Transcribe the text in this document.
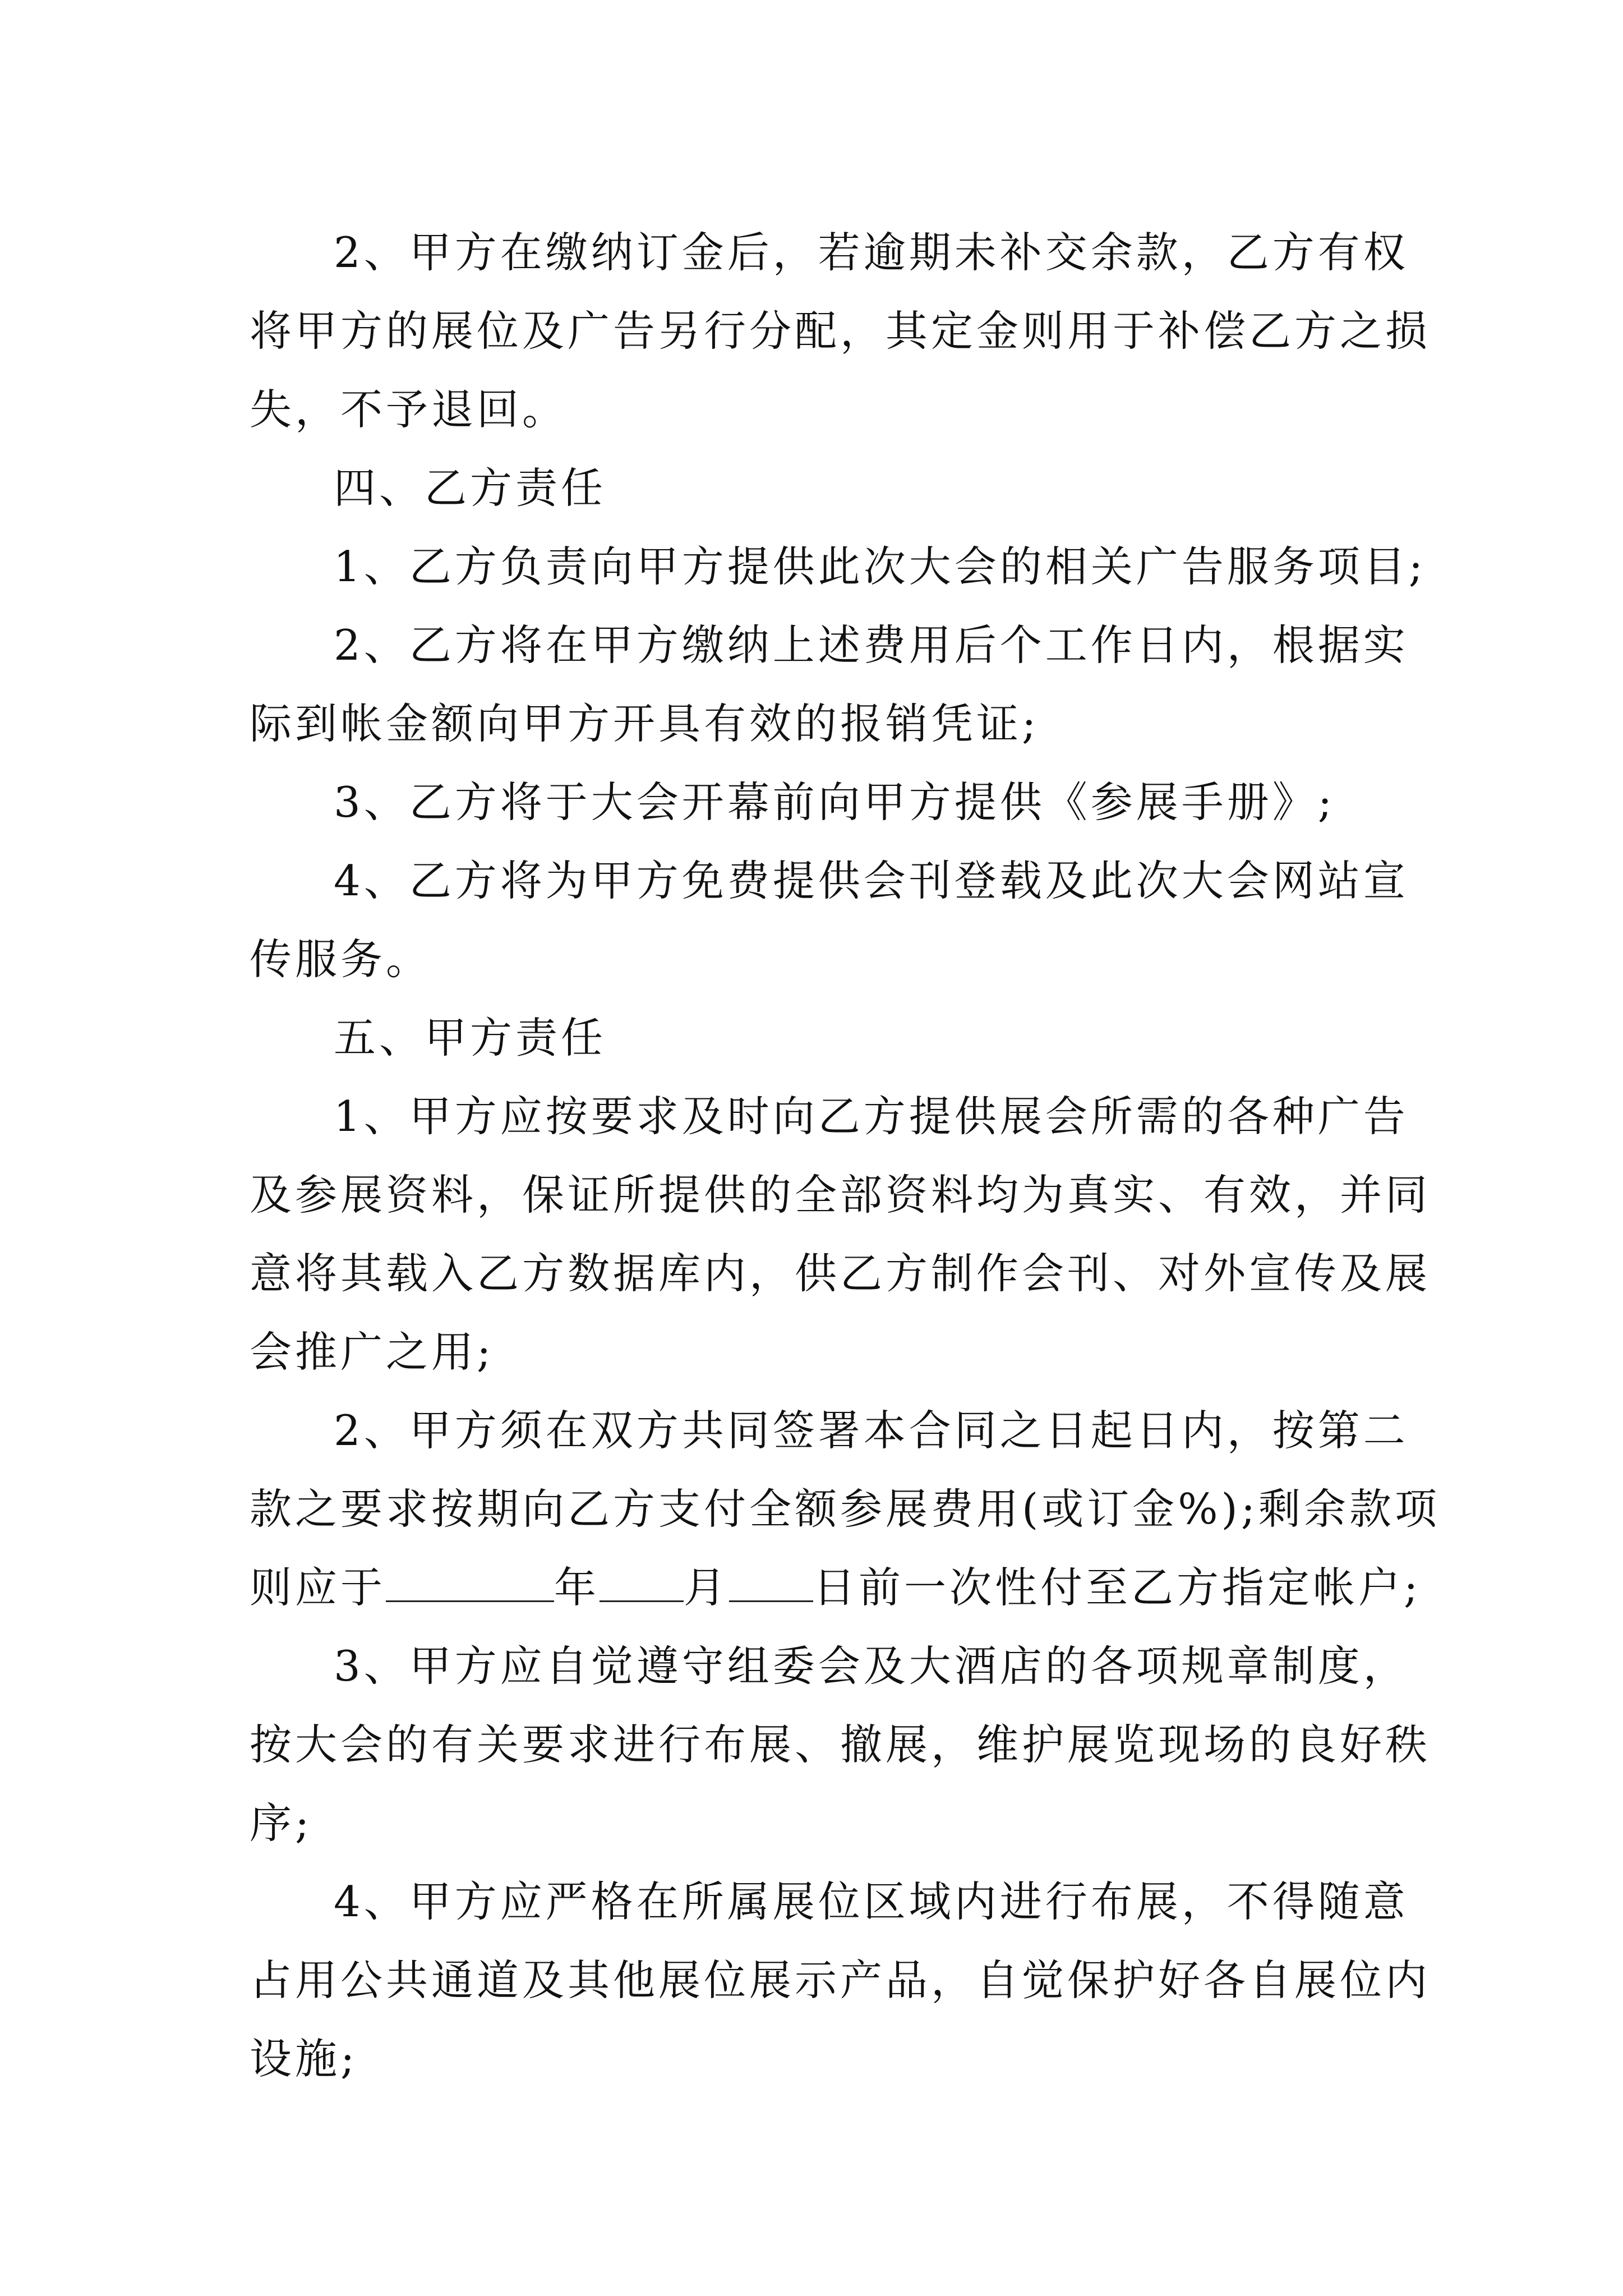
2、甲方在缴纳订金后，若逾期未补交余款，乙方有权
将甲方的展位及广告另行分配，其定金则用于补偿乙方之损
失，不予退回。

四、乙方责任

1、乙方负责向甲方提供此次大会的相关广告服务项目;

2、乙方将在甲方缴纳上述费用后个工作日内，根据实
际到帐金额向甲方开具有效的报销凭证;

3、乙方将于大会开幕前向甲方提供《参展手册》;

4、乙方将为甲方免费提供会刊登载及此次大会网站宣
传服务。

五、甲方责任

1、甲方应按要求及时向乙方提供展会所需的各种广告
及参展资料，保证所提供的全部资料均为真实、有效，并同
意将其载入乙方数据库内，供乙方制作会刊、对外宣传及展
会推广之用;

2、甲方须在双方共同签署本合同之日起日内，按第二
款之要求按期向乙方支付全额参展费用(或订金%);剩余款项
则应于	年 月 日前一次性付至乙方指定帐户;

3、甲方应自觉遵守组委会及大酒店的各项规章制度，
按大会的有关要求进行布展、撤展，维护展览现场的良好秩
序;

4、甲方应严格在所属展位区域内进行布展，不得随意
占用公共通道及其他展位展示产品，自觉保护好各自展位内
设施;
